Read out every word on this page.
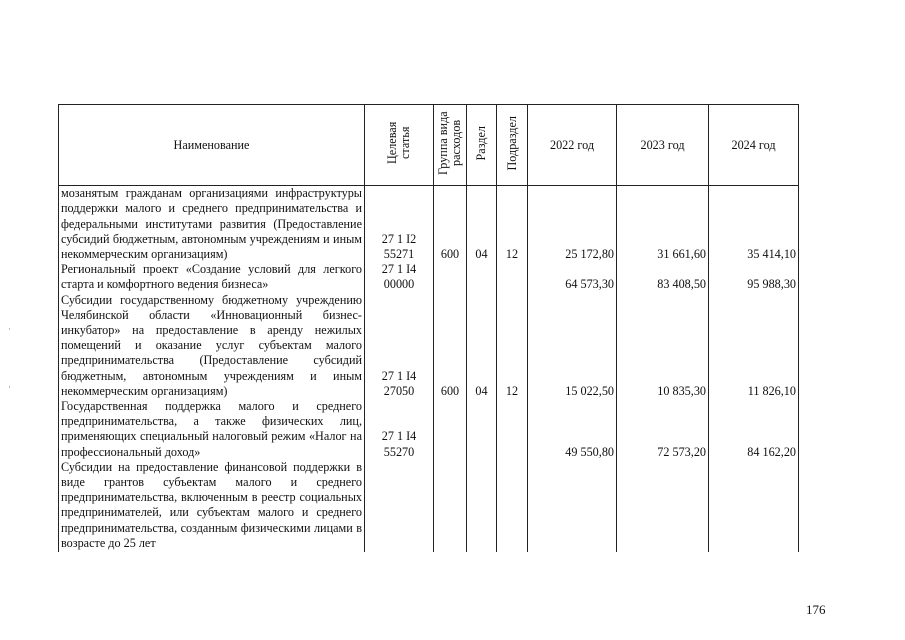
·
·
Наименование	Целевая статья	Группа вида расходов	Раздел	Подраздел	2022 год	2023 год	2024 год
мозанятым гражданам организациями инфраструктуры поддержки малого и среднего предпринимательства и федеральными институтами развития (Предоставление субсидий бюджетным, автономным учреждениям и иным некоммерческим организациям)	27 1 I2 55271	600	04	12	25 172,80	31 661,60	35 414,10
Региональный проект «Создание условий для легкого старта и комфортного ведения бизнеса»	27 1 I4 00000				64 573,30	83 408,50	95 988,30
Субсидии государственному бюджетному учреждению Челябинской области «Инновационный бизнес-инкубатор» на предоставление в аренду нежилых помещений и оказание услуг субъектам малого предпринимательства (Предоставление субсидий бюджетным, автономным учреждениям и иным некоммерческим организациям)	27 1 I4 27050	600	04	12	15 022,50	10 835,30	11 826,10
Государственная поддержка малого и среднего предпринимательства, а также физических лиц, применяющих специальный налоговый режим «Налог на профессиональный доход»	27 1 I4 55270				49 550,80	72 573,20	84 162,20
Субсидии на предоставление финансовой поддержки в виде грантов субъектам малого и среднего предпринимательства, включенным в реестр социальных предпринимателей, или субъектам малого и среднего предпринимательства, созданным физическими лицами в возрасте до 25 лет							
176
